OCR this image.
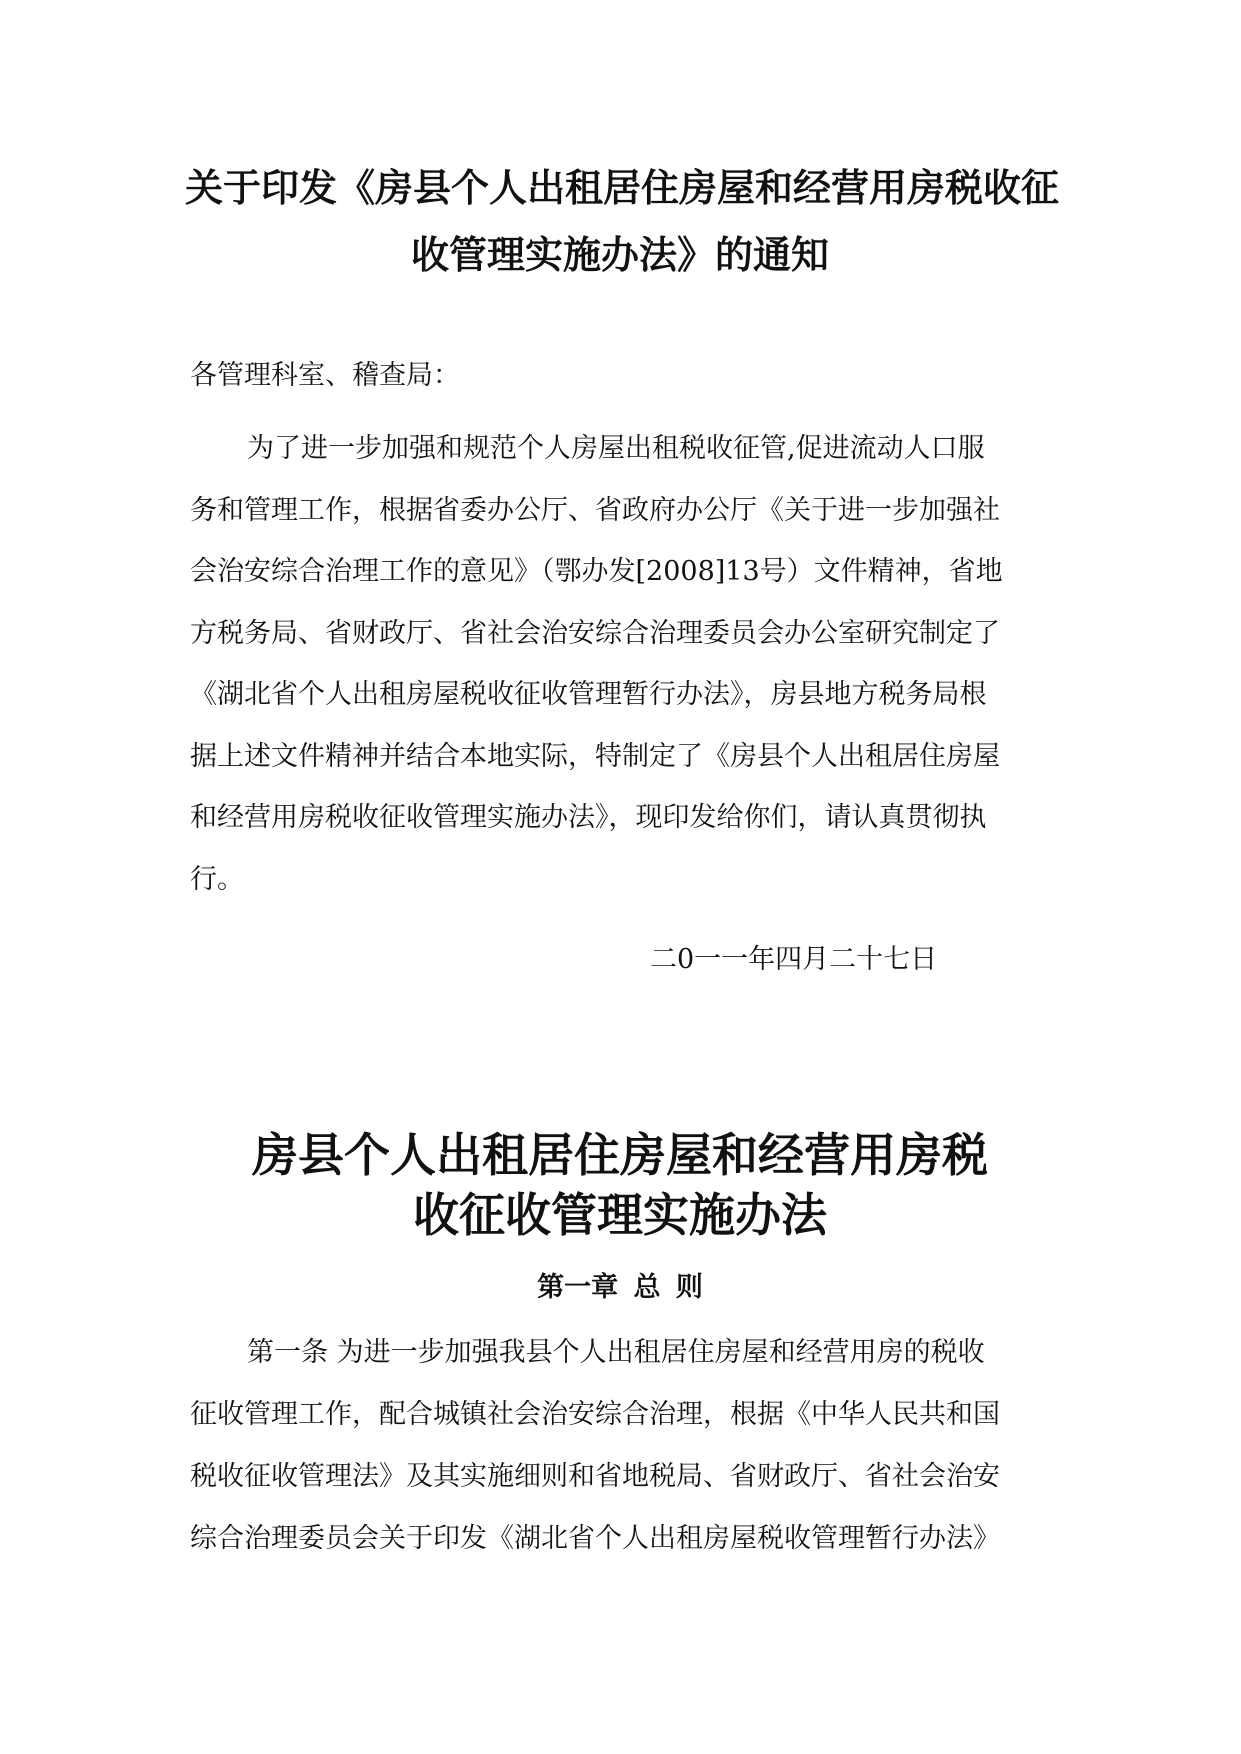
关于印发《房县个人出租居住房屋和经营用房税收征
收管理实施办法》的通知

各管理科室、稽查局：

为了进一步加强和规范个人房屋出租税收征管,促进流动人口服
务和管理工作，根据省委办公厅、省政府办公厅《关于进一步加强社
会治安综合治理工作的意见》（鄂办发[2008]13号）文件精神，省地
方税务局、省财政厅、省社会治安综合治理委员会办公室研究制定了
《湖北省个人出租房屋税收征收管理暂行办法》，房县地方税务局根
据上述文件精神并结合本地实际，特制定了《房县个人出租居住房屋
和经营用房税收征收管理实施办法》，现印发给你们，请认真贯彻执
行。

二0一一年四月二十七日

房县个人出租居住房屋和经营用房税
收征收管理实施办法
第一章 总 则

第一条 为进一步加强我县个人出租居住房屋和经营用房的税收
征收管理工作，配合城镇社会治安综合治理，根据《中华人民共和国
税收征收管理法》及其实施细则和省地税局、省财政厅、省社会治安
综合治理委员会关于印发《湖北省个人出租房屋税收管理暂行办法》
